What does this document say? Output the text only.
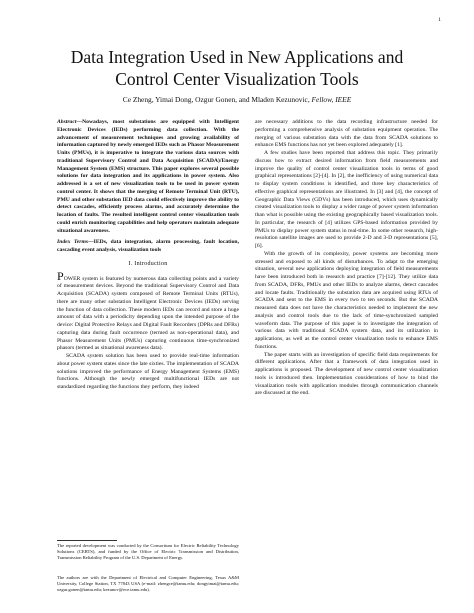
1
Data Integration Used in New Applications and
Control Center Visualization Tools
Ce Zheng, Yimai Dong, Ozgur Gonen, and Mladen Kezunovic, Fellow, IEEE
Abstract—Nowadays, most substations are equipped with Intelligent Electronic Devices (IEDs) performing data collection. With the advancement of measurement techniques and growing availability of information captured by newly emerged IEDs such as Phasor Measurement Units (PMUs), it is imperative to integrate the various data sources with traditional Supervisory Control and Data Acquisition (SCADA)/Energy Management System (EMS) structure. This paper explores several possible solutions for data integration and its applications in power system. Also addressed is a set of new visualization tools to be used in power system control center. It shows that the merging of Remote Terminal Unit (RTU), PMU and other substation IED data could effectively improve the ability to detect cascades, efficiently process alarms, and accurately determine the location of faults. The resulted intelligent control center visualization tools could enrich monitoring capabilities and help operators maintain adequate situational awareness.
Index Terms—IEDs, data integration, alarm processing, fault location, cascading event analysis, visualization tools
I. Introduction

POWER system is featured by numerous data collecting points and a variety of measurement devices. Beyond the traditional Supervisory Control and Data Acquisition (SCADA) system composed of Remote Terminal Units (RTUs), there are many other substation Intelligent Electronic Devices (IEDs) serving the function of data collection. These modern IEDs can record and store a huge amount of data with a periodicity depending upon the intended purpose of the device: Digital Protective Relays and Digital Fault Recorders (DPRs and DFRs) capturing data during fault occurrence (termed as non-operational data), and Phasor Measurement Units (PMUs) capturing continuous time-synchronized phasors (termed as situational awareness data).

SCADA system solution has been used to provide real-time information about power system states since the late sixties. The implementation of SCADA solutions improved the performance of Energy Management Systems (EMS) functions. Although the newly emerged multifunctional IEDs are not standardized regarding the functions they perform, they indeed

The reported development was conducted by the Consortium for Electric Reliability Technology Solutions (CERTS), and funded by the Office of Electric Transmission and Distribution, Transmission Reliability Program of the U.S. Department of Energy.
The authors are with the Department of Electrical and Computer Engineering, Texas A&M University, College Station, TX 77843 USA (e-mail: zhengce@tamu.edu; dongyimai@tamu.edu; ozgur.gonen@tamu.edu; kezunov@ece.tamu.edu).

are necessary additions to the data recording infrastructure needed for performing a comprehensive analysis of substation equipment operation. The merging of various substation data with the data from SCADA solutions to enhance EMS functions has not yet been explored adequately [1].

A few studies have been reported that address this topic. They primarily discuss how to extract desired information from field measurements and improve the quality of control center visualization tools in terms of good graphical representations [2]-[4]. In [2], the inefficiency of using numerical data to display system conditions is identified, and three key characteristics of effective graphical representations are illustrated. In [3] and [4], the concept of Geographic Data Views (GDVs) has been introduced, which uses dynamically created visualization tools to display a wider range of power system information than what is possible using the existing geographically based visualization tools. In particular, the research of [4] utilizes GPS-based information provided by PMUs to display power system status in real-time. In some other research, high-resolution satellite images are used to provide 2-D and 3-D representations [5], [6].

With the growth of its complexity, power systems are becoming more stressed and exposed to all kinds of disturbances. To adapt to the emerging situation, several new applications deploying integration of field measurements have been introduced both in research and practice [7]-[12]. They utilize data from SCADA, DFRs, PMUs and other IEDs to analyze alarms, detect cascades and locate faults. Traditionally the substation data are acquired using RTUs of SCADA and sent to the EMS in every two to ten seconds. But the SCADA measured data does not have the characteristics needed to implement the new analysis and control tools due to the lack of time-synchronized sampled waveform data. The purpose of this paper is to investigate the integration of various data with traditional SCADA system data, and its utilization in applications, as well as the control center visualization tools to enhance EMS functions.

The paper starts with an investigation of specific field data requirements for different applications. After that a framework of data integration used in applications is proposed. The development of new control center visualization tools is introduced then. Implementation considerations of how to bind the visualization tools with application modules through communication channels are discussed at the end.
